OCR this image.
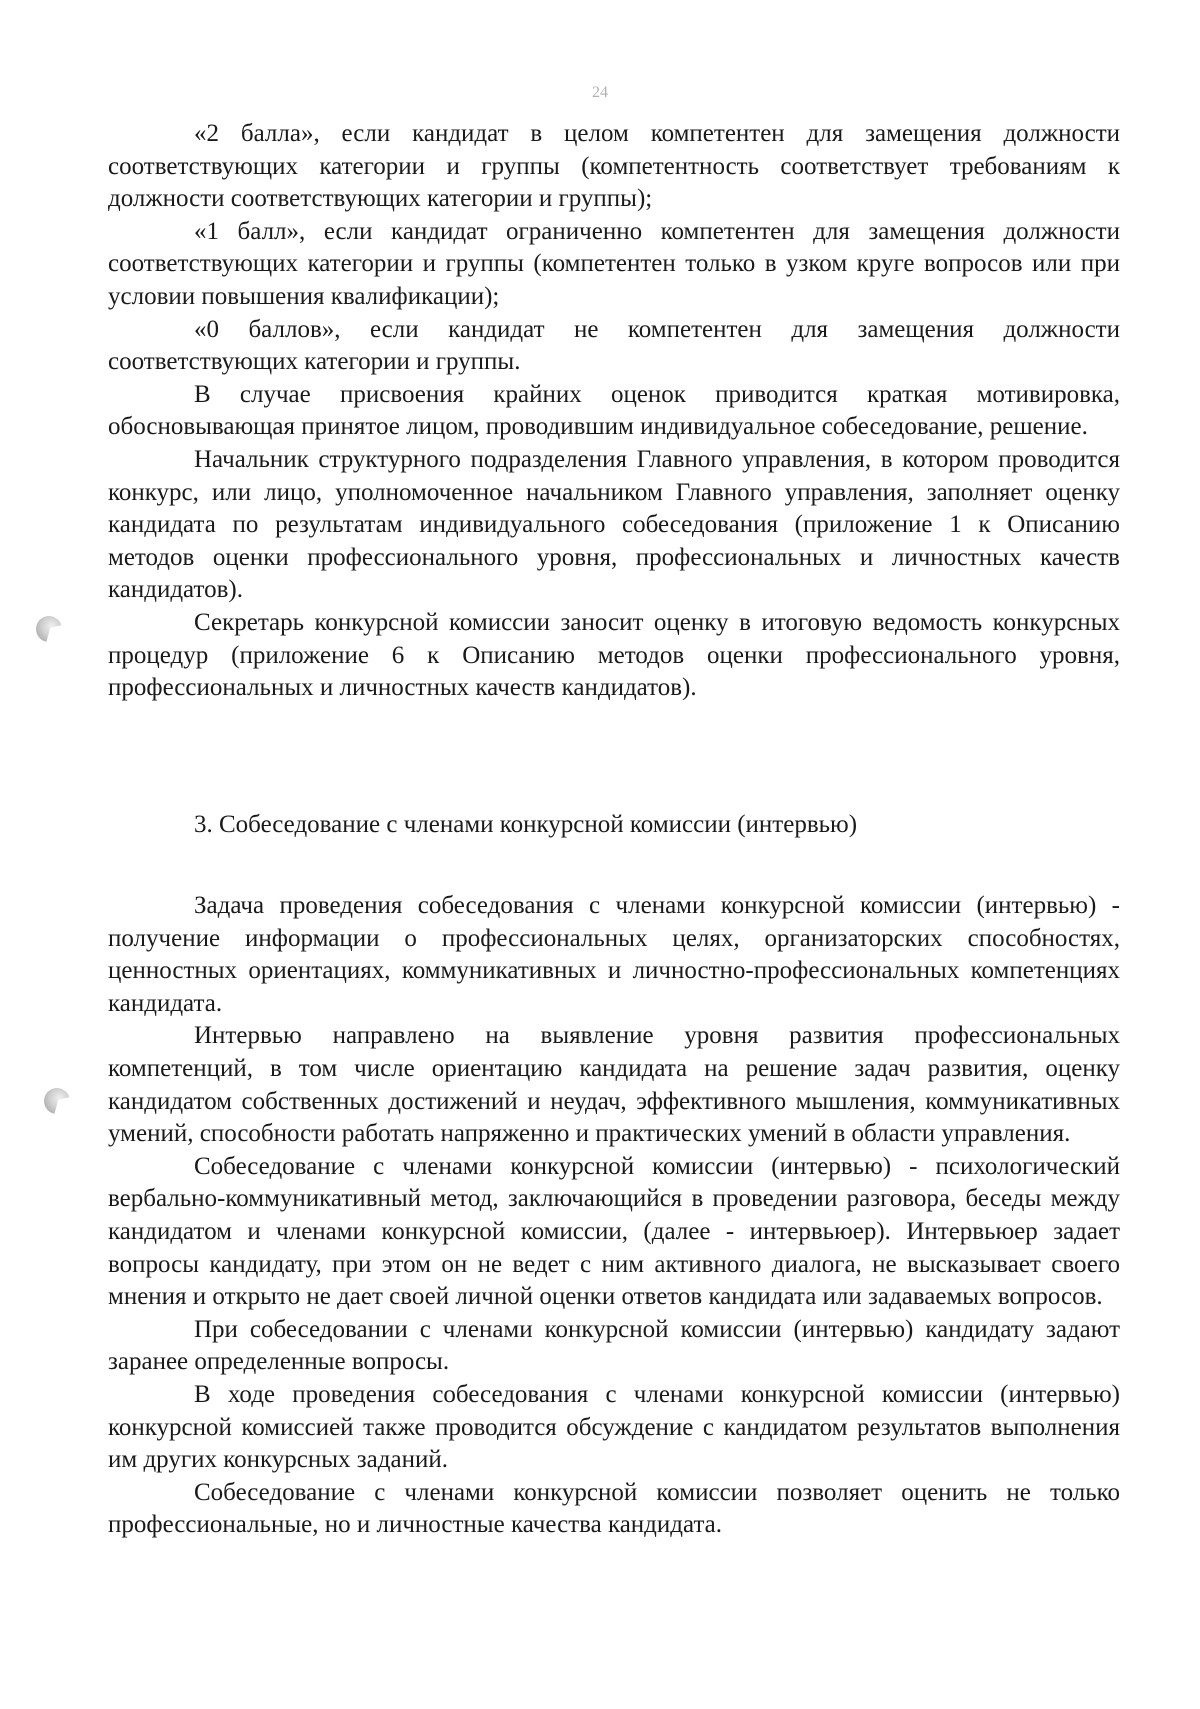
24

«2 балла», если кандидат в целом компетентен для замещения должности соответствующих категории и группы (компетентность соответствует требованиям к должности соответствующих категории и группы);

«1 балл», если кандидат ограниченно компетентен для замещения должности соответствующих категории и группы (компетентен только в узком круге вопросов или при условии повышения квалификации);

«0 баллов», если кандидат не компетентен для замещения должности соответствующих категории и группы.

В случае присвоения крайних оценок приводится краткая мотивировка, обосновывающая принятое лицом, проводившим индивидуальное собеседование, решение.

Начальник структурного подразделения Главного управления, в котором проводится конкурс, или лицо, уполномоченное начальником Главного управления, заполняет оценку кандидата по результатам индивидуального собеседования (приложение 1 к Описанию методов оценки профессионального уровня, профессиональных и личностных качеств кандидатов).

Секретарь конкурсной комиссии заносит оценку в итоговую ведомость конкурсных процедур (приложение 6 к Описанию методов оценки профессионального уровня, профессиональных и личностных качеств кандидатов).

3. Собеседование с членами конкурсной комиссии (интервью)

Задача проведения собеседования с членами конкурсной комиссии (интервью) - получение информации о профессиональных целях, организаторских способностях, ценностных ориентациях, коммуникативных и личностно-профессиональных компетенциях кандидата.

Интервью направлено на выявление уровня развития профессиональных компетенций, в том числе ориентацию кандидата на решение задач развития, оценку кандидатом собственных достижений и неудач, эффективного мышления, коммуникативных умений, способности работать напряженно и практических умений в области управления.

Собеседование с членами конкурсной комиссии (интервью) - психологический вербально-коммуникативный метод, заключающийся в проведении разговора, беседы между кандидатом и членами конкурсной комиссии, (далее - интервьюер). Интервьюер задает вопросы кандидату, при этом он не ведет с ним активного диалога, не высказывает своего мнения и открыто не дает своей личной оценки ответов кандидата или задаваемых вопросов.

При собеседовании с членами конкурсной комиссии (интервью) кандидату задают заранее определенные вопросы.

В ходе проведения собеседования с членами конкурсной комиссии (интервью) конкурсной комиссией также проводится обсуждение с кандидатом результатов выполнения им других конкурсных заданий.

Собеседование с членами конкурсной комиссии позволяет оценить не только профессиональные, но и личностные качества кандидата.
